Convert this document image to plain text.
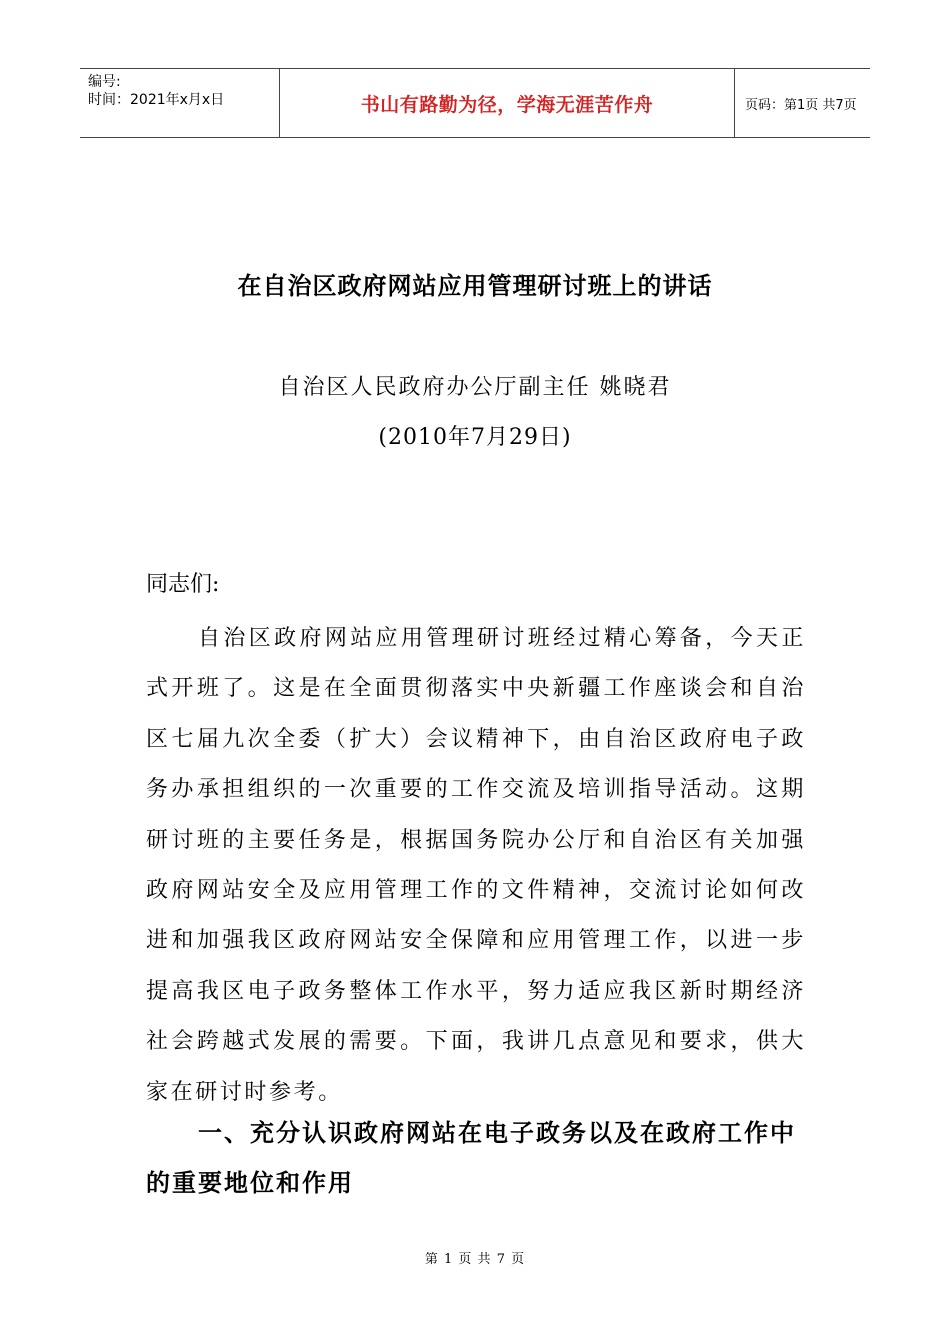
编号:
时间：2021年x月x日	书山有路勤为径，学海无涯苦作舟	页码：第1页 共7页
在自治区政府网站应用管理研讨班上的讲话
自治区人民政府办公厅副主任 姚晓君
(2010年7月29日)
同志们:
自治区政府网站应用管理研讨班经过精心筹备，今天正式开班了。这是在全面贯彻落实中央新疆工作座谈会和自治区七届九次全委（扩大）会议精神下，由自治区政府电子政务办承担组织的一次重要的工作交流及培训指导活动。这期研讨班的主要任务是，根据国务院办公厅和自治区有关加强政府网站安全及应用管理工作的文件精神，交流讨论如何改进和加强我区政府网站安全保障和应用管理工作，以进一步提高我区电子政务整体工作水平，努力适应我区新时期经济社会跨越式发展的需要。下面，我讲几点意见和要求，供大家在研讨时参考。
一、充分认识政府网站在电子政务以及在政府工作中的重要地位和作用
第 1 页 共 7 页
